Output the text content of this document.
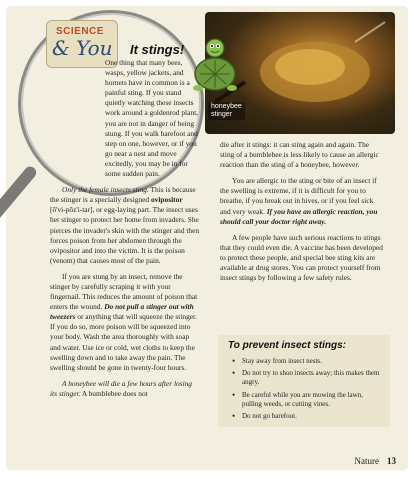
SCIENCE
& You It stings!
honeybee
stinger

One thing that many bees, wasps, yellow jackets, and hornets have in common is a painful sting. If you stand quietly watching these insects work around a goldenrod plant, you are not in danger of being stung. If you walk barefoot and step on one, however, or if you go near a nest and move excitedly, you may be in for some sudden pain.

Only the female insects sting. This is because the stinger is a specially designed ovipositor [ō'vi-pŏz'i-tar], or egg-laying part. The insect uses her stinger to protect her home from invaders. She pierces the invader's skin with the stinger and then forces poison from her abdomen through the ovipositor and into the victim. It is the poison (venom) that causes most of the pain.

If you are stung by an insect, remove the stinger by carefully scraping it with your fingernail. This reduces the amount of poison that enters the wound. Do not pull a stinger out with tweezers or anything that will squeeze the stinger. If you do so, more poison will be squeezed into your body. Wash the area thoroughly with soap and water. Use ice or cold, wet cloths to keep the swelling down and to take away the pain. The swelling should be gone in twenty-four hours.

A honeybee will die a few hours after losing its stinger. A bumblebee does not

die after it stings: it can sting again and again. The sting of a bumblebee is less likely to cause an allergic reaction than the sting of a honeybee, however.

You are allergic to the sting or bite of an insect if the swelling is extreme, if it is difficult for you to breathe, if you break out in hives, or if you feel sick and very weak. If you have an allergic reaction, you should call your doctor right away.

A few people have such serious reactions to stings that they could even die. A vaccine has been developed to protect these people, and special bee sting kits are available at drug stores. You can protect yourself from insect stings by following a few safety rules.

To prevent insect stings:
• Stay away from insect nests.
• Do not try to shoo insects away; this makes them angry.
• Be careful while you are mowing the lawn, pulling weeds, or cutting vines.
• Do not go barefoot.
Nature 13
